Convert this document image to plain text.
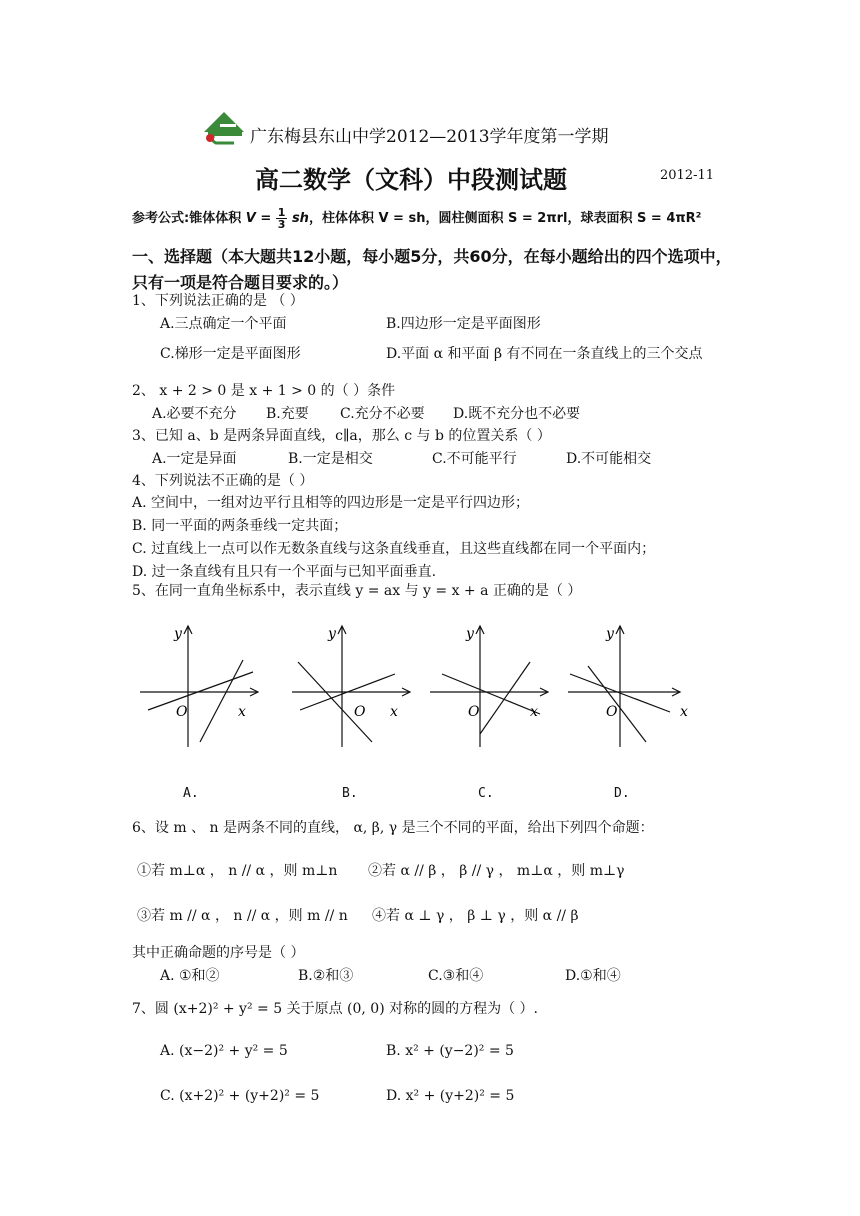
广东梅县东山中学2012—2013学年度第一学期
高二数学（文科）中段测试题	2012-11
参考公式:锥体体积 $V = \frac{1}{3}$ sh，柱体体积 V = sh，圆柱侧面积 S = 2πrl，球表面积 S = 4πR²
一、选择题（本大题共12小题，每小题5分，共60分，在每小题给出的四个选项中，只有一项是符合题目要求的。）
1、下列说法正确的是 （ ）
A.三点确定一个平面	B.四边形一定是平面图形
C.梯形一定是平面图形	D.平面 α 和平面 β 有不同在一条直线上的三个交点
2、 x + 2 > 0 是 x + 1 > 0 的（ ）条件
A.必要不充分 B.充要 C.充分不必要 D.既不充分也不必要
3、已知 a、b 是两条异面直线，c∥a，那么 c 与 b 的位置关系（ ）
A.一定是异面	B.一定是相交	C.不可能平行	D.不可能相交
4、下列说法不正确的是（ ）
A. 空间中，一组对边平行且相等的四边形是一定是平行四边形；
B. 同一平面的两条垂线一定共面；
C. 过直线上一点可以作无数条直线与这条直线垂直，且这些直线都在同一个平面内；
D. 过一条直线有且只有一个平面与已知平面垂直.
5、在同一直角坐标系中，表示直线 y = ax 与 y = x + a 正确的是（ ）
y
O	x
y
O x
y
O	x
y
O	x
A.	B.	C.	D.
6、设 m 、 n 是两条不同的直线， α, β, γ 是三个不同的平面，给出下列四个命题：
①若 m⊥α ， n // α ，则 m⊥n ②若 α // β ， β // γ ， m⊥α ，则 m⊥γ
③若 m // α ， n // α ，则 m // n ④若 α ⊥ γ ， β ⊥ γ ，则 α // β
其中正确命题的序号是（ ）
A. ①和②	B.②和③	C.③和④	D.①和④
7、圆 (x+2)² + y² = 5 关于原点 (0, 0) 对称的圆的方程为（ ）.
A. (x−2)² + y² = 5	B. x² + (y−2)² = 5
C. (x+2)² + (y+2)² = 5	D. x² + (y+2)² = 5
